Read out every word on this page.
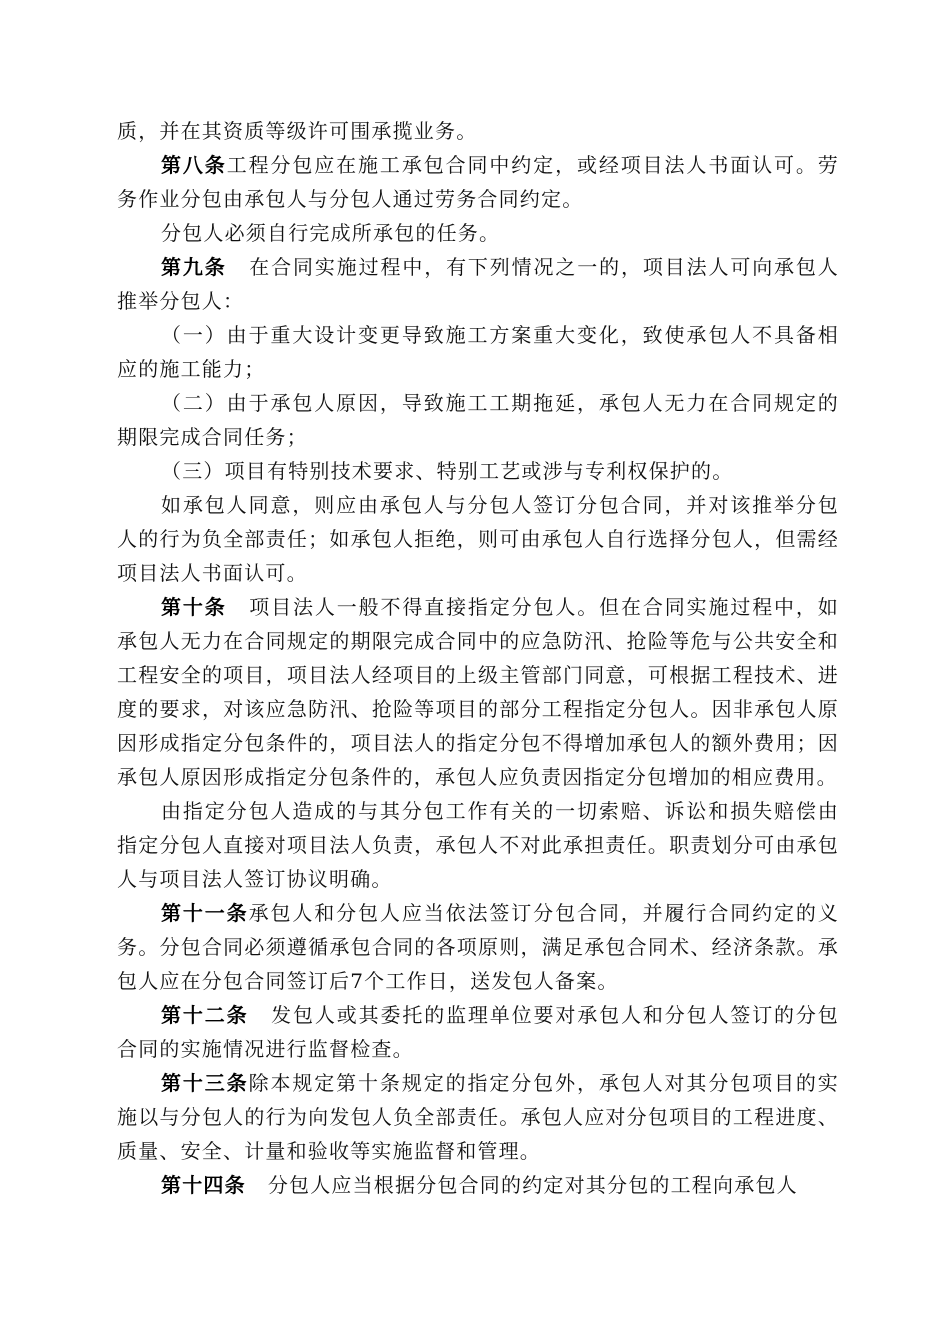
质，并在其资质等级许可围承揽业务。

第八条工程分包应在施工承包合同中约定，或经项目法人书面认可。劳务作业分包由承包人与分包人通过劳务合同约定。

分包人必须自行完成所承包的任务。

第九条 在合同实施过程中，有下列情况之一的，项目法人可向承包人推举分包人：

（一）由于重大设计变更导致施工方案重大变化，致使承包人不具备相应的施工能力；

（二）由于承包人原因，导致施工工期拖延，承包人无力在合同规定的期限完成合同任务；

（三）项目有特别技术要求、特别工艺或涉与专利权保护的。

如承包人同意，则应由承包人与分包人签订分包合同，并对该推举分包人的行为负全部责任；如承包人拒绝，则可由承包人自行选择分包人，但需经项目法人书面认可。

第十条 项目法人一般不得直接指定分包人。但在合同实施过程中，如承包人无力在合同规定的期限完成合同中的应急防汛、抢险等危与公共安全和工程安全的项目，项目法人经项目的上级主管部门同意，可根据工程技术、进度的要求，对该应急防汛、抢险等项目的部分工程指定分包人。因非承包人原因形成指定分包条件的，项目法人的指定分包不得增加承包人的额外费用；因承包人原因形成指定分包条件的，承包人应负责因指定分包增加的相应费用。

由指定分包人造成的与其分包工作有关的一切索赔、诉讼和损失赔偿由指定分包人直接对项目法人负责，承包人不对此承担责任。职责划分可由承包人与项目法人签订协议明确。

第十一条承包人和分包人应当依法签订分包合同，并履行合同约定的义务。分包合同必须遵循承包合同的各项原则，满足承包合同术、经济条款。承包人应在分包合同签订后7个工作日，送发包人备案。

第十二条 发包人或其委托的监理单位要对承包人和分包人签订的分包合同的实施情况进行监督检查。

第十三条除本规定第十条规定的指定分包外，承包人对其分包项目的实施以与分包人的行为向发包人负全部责任。承包人应对分包项目的工程进度、质量、安全、计量和验收等实施监督和管理。

第十四条 分包人应当根据分包合同的约定对其分包的工程向承包人
